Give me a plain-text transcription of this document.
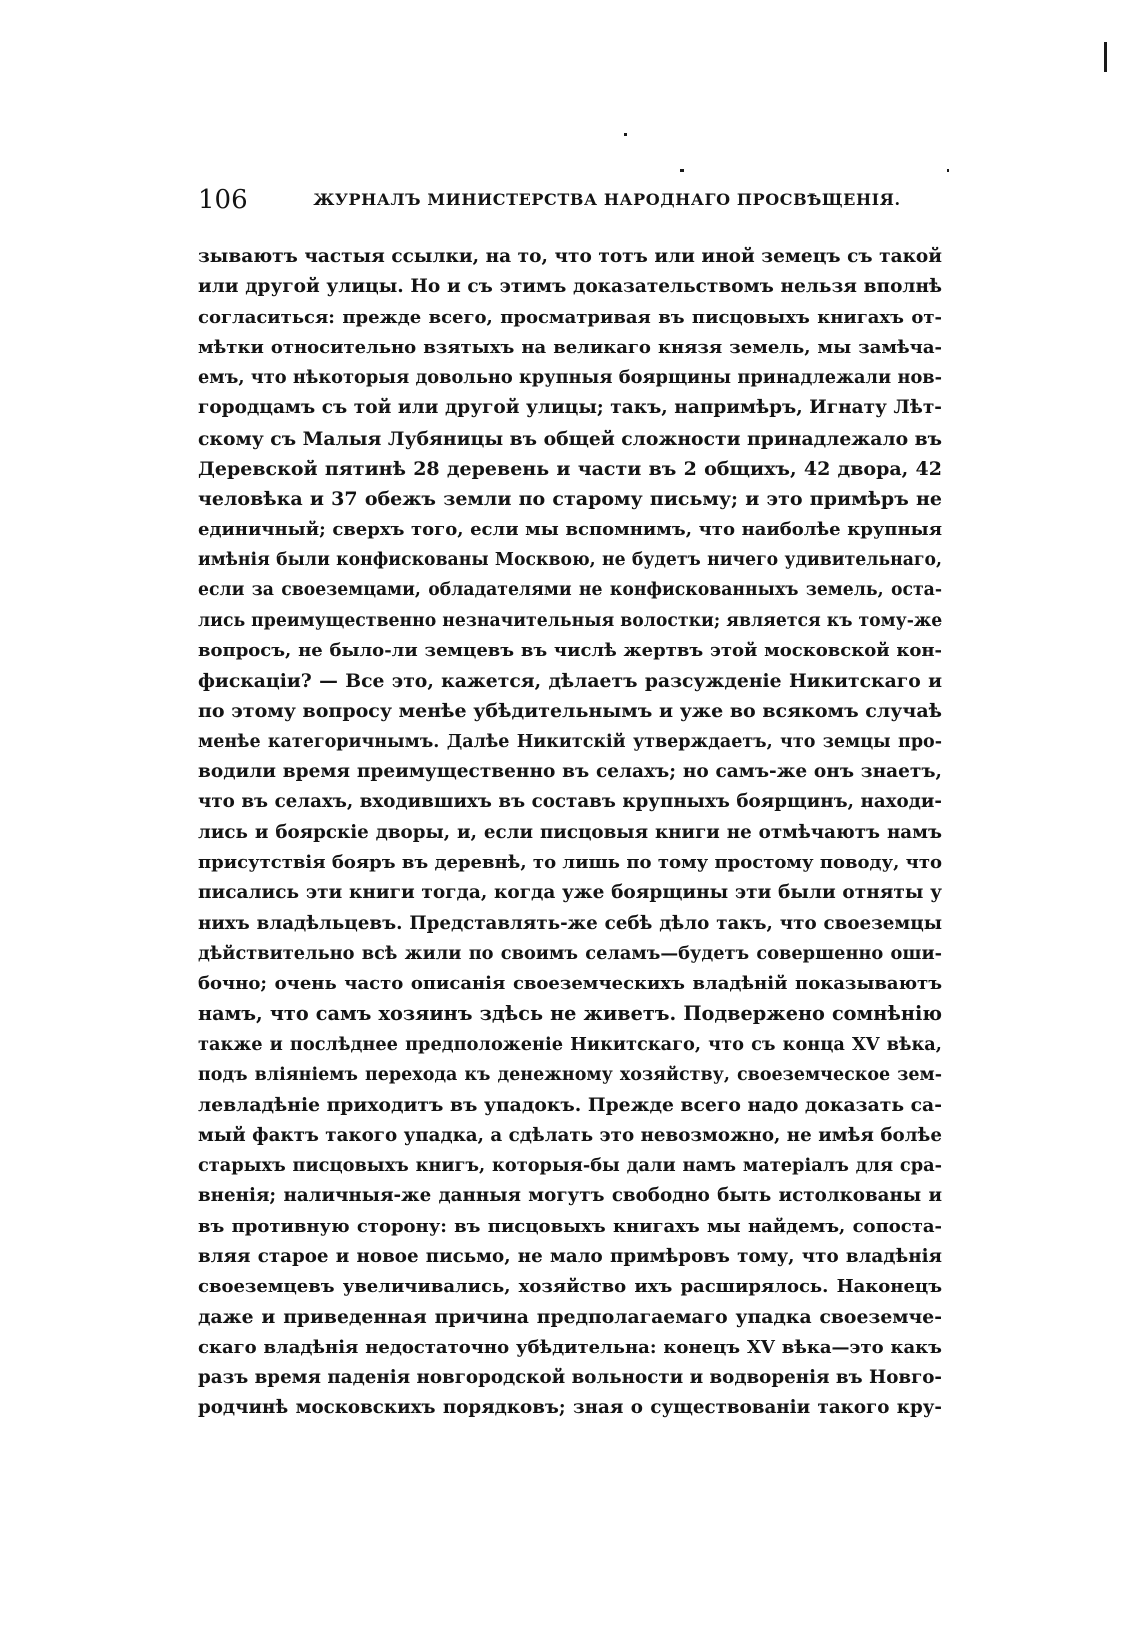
106	ЖУРНАЛЪ МИНИСТЕРСТВА НАРОДНАГО ПРОСВѢЩЕНІЯ.
зываютъ частыя ссылки, на то, что тотъ или иной земецъ съ такой
или другой улицы. Но и съ этимъ доказательствомъ нельзя вполнѣ
согласиться: прежде всего, просматривая въ писцовыхъ книгахъ от-
мѣтки относительно взятыхъ на великаго князя земель, мы замѣча-
емъ, что нѣкоторыя довольно крупныя боярщины принадлежали нов-
городцамъ съ той или другой улицы; такъ, напримѣръ, Игнату Лѣт-
скому съ Малыя Лубяницы въ общей сложности принадлежало въ
Деревской пятинѣ 28 деревень и части въ 2 общихъ, 42 двора, 42
человѣка и 37 обежъ земли по старому письму; и это примѣръ не
единичный; сверхъ того, если мы вспомнимъ, что наиболѣе крупныя
имѣнія были конфискованы Москвою, не будетъ ничего удивительнаго,
если за своеземцами, обладателями не конфискованныхъ земель, оста-
лись преимущественно незначительныя волостки; является къ тому-же
вопросъ, не было-ли земцевъ въ числѣ жертвъ этой московской кон-
фискаціи? — Все это, кажется, дѣлаетъ разсужденіе Никитскаго и
по этому вопросу менѣе убѣдительнымъ и уже во всякомъ случаѣ
менѣе категоричнымъ. Далѣе Никитскій утверждаетъ, что земцы про-
водили время преимущественно въ селахъ; но самъ-же онъ знаетъ,
что въ селахъ, входившихъ въ составъ крупныхъ боярщинъ, находи-
лись и боярскіе дворы, и, если писцовыя книги не отмѣчаютъ намъ
присутствія бояръ въ деревнѣ, то лишь по тому простому поводу, что
писались эти книги тогда, когда уже боярщины эти были отняты у
нихъ владѣльцевъ. Представлять-же себѣ дѣло такъ, что своеземцы
дѣйствительно всѣ жили по своимъ селамъ—будетъ совершенно оши-
бочно; очень часто описанія своеземческихъ владѣній показываютъ
намъ, что самъ хозяинъ здѣсь не живетъ. Подвержено сомнѣнію
также и послѣднее предположеніе Никитскаго, что съ конца XV вѣка,
подъ вліяніемъ перехода къ денежному хозяйству, своеземческое зем-
левладѣніе приходитъ въ упадокъ. Прежде всего надо доказать са-
мый фактъ такого упадка, а сдѣлать это невозможно, не имѣя болѣе
старыхъ писцовыхъ книгъ, которыя-бы дали намъ матеріалъ для сра-
вненія; наличныя-же данныя могутъ свободно быть истолкованы и
въ противную сторону: въ писцовыхъ книгахъ мы найдемъ, сопоста-
вляя старое и новое письмо, не мало примѣровъ тому, что владѣнія
своеземцевъ увеличивались, хозяйство ихъ расширялось. Наконецъ
даже и приведенная причина предполагаемаго упадка своеземче-
скаго владѣнія недостаточно убѣдительна: конецъ XV вѣка—это какъ
разъ время паденія новгородской вольности и водворенія въ Новго-
родчинѣ московскихъ порядковъ; зная о существованіи такого кру-
